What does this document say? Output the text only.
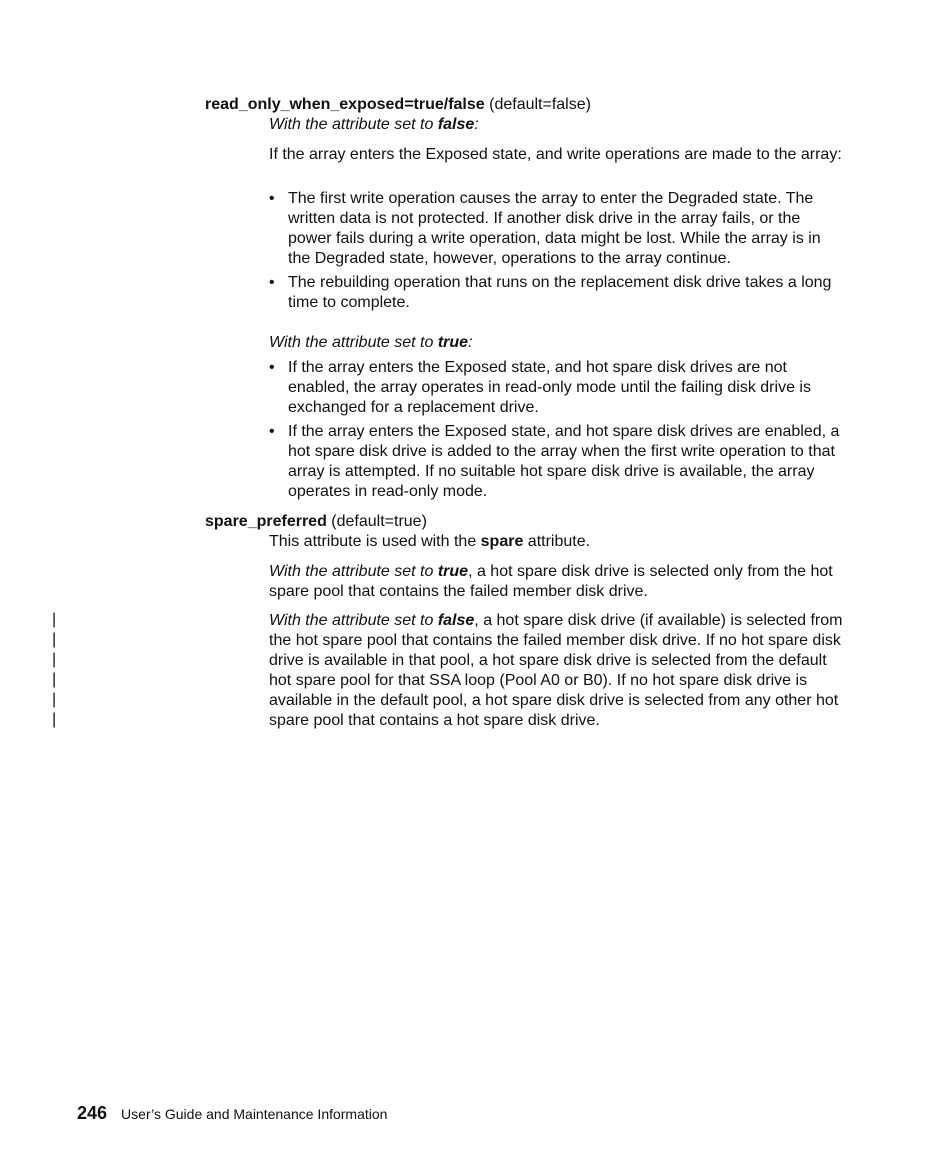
read_only_when_exposed=true/false (default=false)
With the attribute set to false:

If the array enters the Exposed state, and write operations are made to the array:

• The first write operation causes the array to enter the Degraded state. The written data is not protected. If another disk drive in the array fails, or the power fails during a write operation, data might be lost. While the array is in the Degraded state, however, operations to the array continue.
• The rebuilding operation that runs on the replacement disk drive takes a long time to complete.
With the attribute set to true:
• If the array enters the Exposed state, and hot spare disk drives are not enabled, the array operates in read-only mode until the failing disk drive is exchanged for a replacement drive.
• If the array enters the Exposed state, and hot spare disk drives are enabled, a hot spare disk drive is added to the array when the first write operation to that array is attempted. If no suitable hot spare disk drive is available, the array operates in read-only mode.
spare_preferred (default=true)
This attribute is used with the spare attribute.

With the attribute set to true, a hot spare disk drive is selected only from the hot spare pool that contains the failed member disk drive.

With the attribute set to false, a hot spare disk drive (if available) is selected from the hot spare pool that contains the failed member disk drive. If no hot spare disk drive is available in that pool, a hot spare disk drive is selected from the default hot spare pool for that SSA loop (Pool A0 or B0). If no hot spare disk drive is available in the default pool, a hot spare disk drive is selected from any other hot spare pool that contains a hot spare disk drive.

|
|
|
|
|
|
246 User’s Guide and Maintenance Information
